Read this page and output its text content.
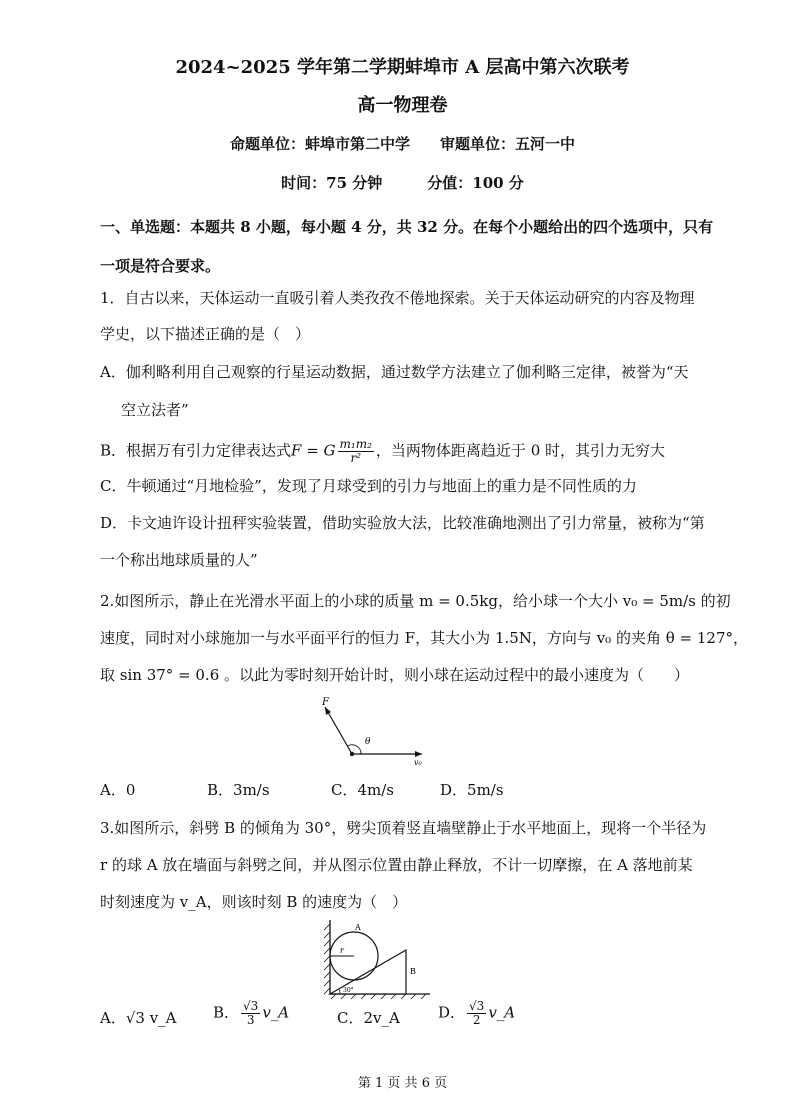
2024~2025 学年第二学期蚌埠市 A 层高中第六次联考
高一物理卷
命题单位：蚌埠市第二中学　　审题单位：五河一中
时间：75 分钟　　　分值：100 分
一、单选题：本题共 8 小题，每小题 4 分，共 32 分。在每个小题给出的四个选项中，只有
一项是符合要求。
1．自古以来，天体运动一直吸引着人类孜孜不倦地探索。关于天体运动研究的内容及物理
学史，以下描述正确的是（　）
A．伽利略利用自己观察的行星运动数据，通过数学方法建立了伽利略三定律，被誉为“天
空立法者”
B．根据万有引力定律表达式F = G $\frac{\text{m₁m₂}}{\text{r²}}$ ，当两物体距离趋近于 0 时，其引力无穷大
C．牛顿通过“月地检验”，发现了月球受到的引力与地面上的重力是不同性质的力
D．卡文迪许设计扭秤实验装置，借助实验放大法，比较准确地测出了引力常量，被称为“第
一个称出地球质量的人”
2.如图所示，静止在光滑水平面上的小球的质量 m = 0.5kg，给小球一个大小 v₀ = 5m/s 的初
速度，同时对小球施加一与水平面平行的恒力 F，其大小为 1.5N，方向与 v₀ 的夹角 θ = 127°，
取 sin 37° = 0.6 。以此为零时刻开始计时，则小球在运动过程中的最小速度为（　　）
F
θ
v₀
A．0	B．3m/s	C．4m/s	D．5m/s
3.如图所示，斜劈 B 的倾角为 30°，劈尖顶着竖直墙壁静止于水平地面上，现将一个半径为
r 的球 A 放在墙面与斜劈之间，并从图示位置由静止释放，不计一切摩擦，在 A 落地前某
时刻速度为 v_A，则该时刻 B 的速度为（　）
A
r
B
30°
A．√3 v_A B． $\frac{√3}{3}$ v_A	C．2v_A	D． $\frac{√3}{2}$ v_A
第 1 页 共 6 页
